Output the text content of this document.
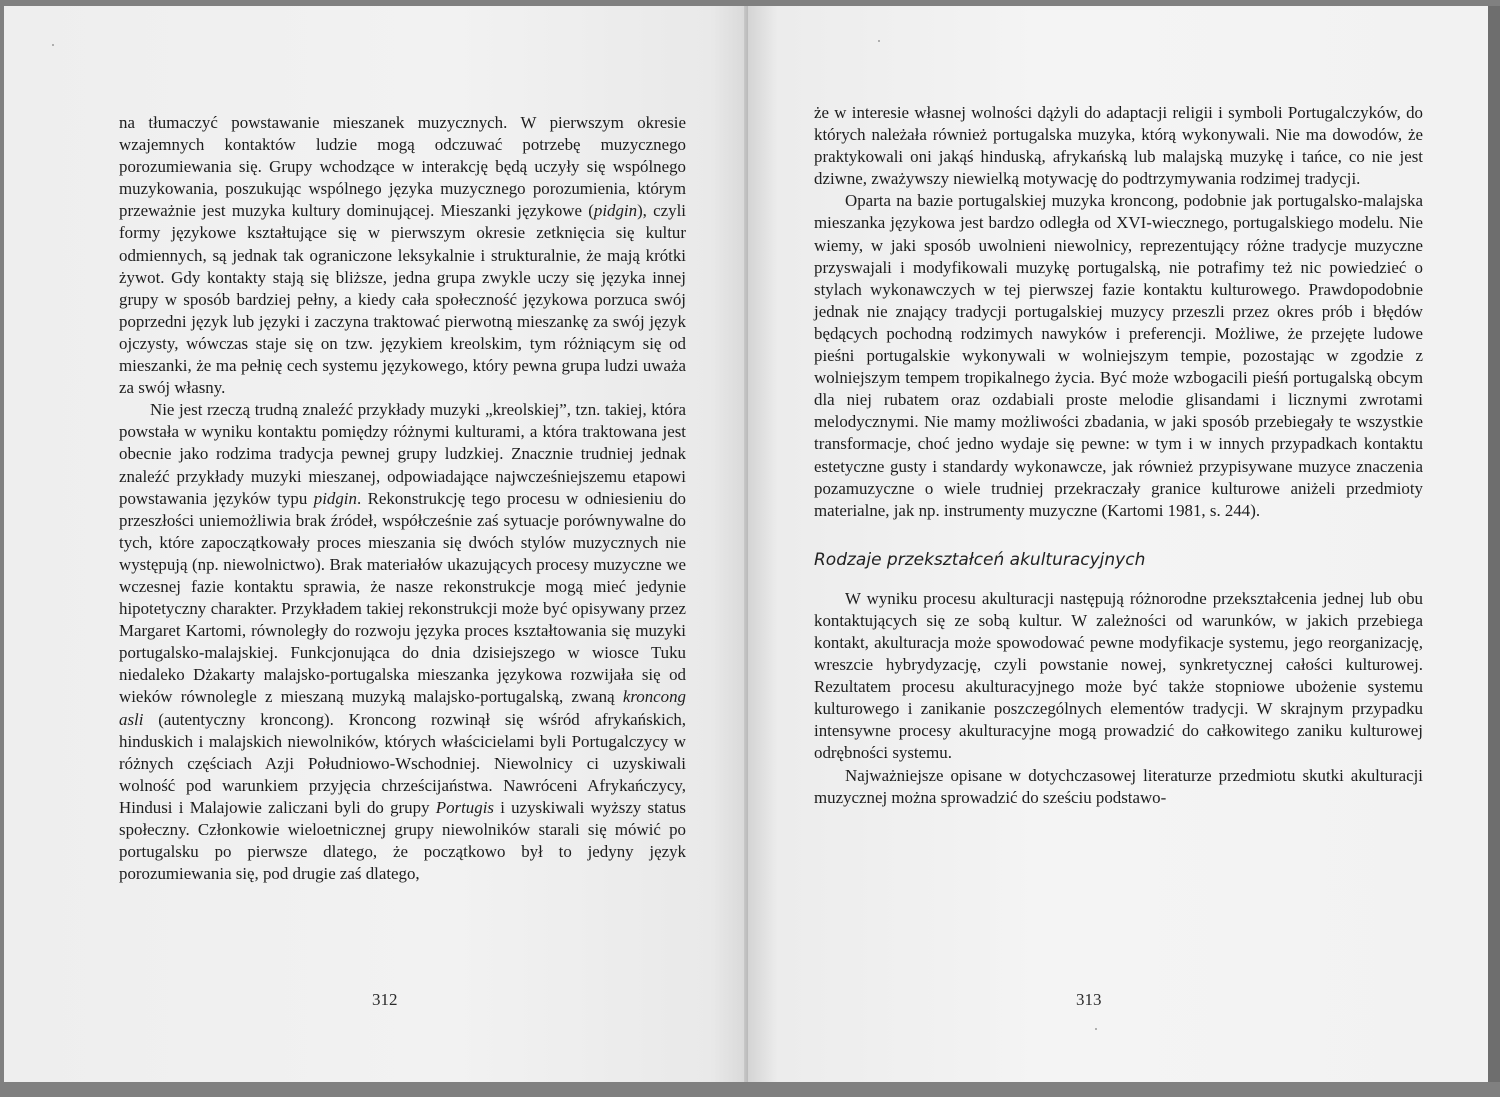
na tłumaczyć powstawanie mieszanek muzycznych. W pierwszym okresie wzajemnych kontaktów ludzie mogą odczuwać potrzebę muzycznego porozumiewania się. Grupy wchodzące w interakcję będą uczyły się wspólnego muzykowania, poszukując wspólnego języka muzycznego porozumienia, którym przeważnie jest muzyka kultury dominującej. Mieszanki językowe (pidgin), czyli formy językowe kształtujące się w pierwszym okresie zetknięcia się kultur odmiennych, są jednak tak ograniczone leksykalnie i strukturalnie, że mają krótki żywot. Gdy kontakty stają się bliższe, jedna grupa zwykle uczy się języka innej grupy w sposób bardziej pełny, a kiedy cała społeczność językowa porzuca swój poprzedni język lub języki i zaczyna traktować pierwotną mieszankę za swój język ojczysty, wówczas staje się on tzw. językiem kreolskim, tym różniącym się od mieszanki, że ma pełnię cech systemu językowego, który pewna grupa ludzi uważa za swój własny.

Nie jest rzeczą trudną znaleźć przykłady muzyki „kreolskiej”, tzn. takiej, która powstała w wyniku kontaktu pomiędzy różnymi kulturami, a która traktowana jest obecnie jako rodzima tradycja pewnej grupy ludzkiej. Znacznie trudniej jednak znaleźć przykłady muzyki mieszanej, odpowiadające najwcześniejszemu etapowi powstawania języków typu pidgin. Rekonstrukcję tego procesu w odniesieniu do przeszłości uniemożliwia brak źródeł, współcześnie zaś sytuacje porównywalne do tych, które zapoczątkowały proces mieszania się dwóch stylów muzycznych nie występują (np. niewolnictwo). Brak materiałów ukazujących procesy muzyczne we wczesnej fazie kontaktu sprawia, że nasze rekonstrukcje mogą mieć jedynie hipotetyczny charakter. Przykładem takiej rekonstrukcji może być opisywany przez Margaret Kartomi, równoległy do rozwoju języka proces kształtowania się muzyki portugalsko-malajskiej. Funkcjonująca do dnia dzisiejszego w wiosce Tuku niedaleko Dżakarty malajsko-portugalska mieszanka językowa rozwijała się od wieków równolegle z mieszaną muzyką malajsko-portugalską, zwaną kroncong asli (autentyczny kroncong). Kroncong rozwinął się wśród afrykańskich, hinduskich i malajskich niewolników, których właścicielami byli Portugalczycy w różnych częściach Azji Południowo-Wschodniej. Niewolnicy ci uzyskiwali wolność pod warunkiem przyjęcia chrześcijaństwa. Nawróceni Afrykańczycy, Hindusi i Malajowie zaliczani byli do grupy Portugis i uzyskiwali wyższy status społeczny. Członkowie wieloetnicznej grupy niewolników starali się mówić po portugalsku po pierwsze dlatego, że początkowo był to jedyny język porozumiewania się, pod drugie zaś dlatego,

312

że w interesie własnej wolności dążyli do adaptacji religii i symboli Portugalczyków, do których należała również portugalska muzyka, którą wykonywali. Nie ma dowodów, że praktykowali oni jakąś hinduską, afrykańską lub malajską muzykę i tańce, co nie jest dziwne, zważywszy niewielką motywację do podtrzymywania rodzimej tradycji.

Oparta na bazie portugalskiej muzyka kroncong, podobnie jak portugalsko-malajska mieszanka językowa jest bardzo odległa od XVI-wiecznego, portugalskiego modelu. Nie wiemy, w jaki sposób uwolnieni niewolnicy, reprezentujący różne tradycje muzyczne przyswajali i modyfikowali muzykę portugalską, nie potrafimy też nic powiedzieć o stylach wykonawczych w tej pierwszej fazie kontaktu kulturowego. Prawdopodobnie jednak nie znający tradycji portugalskiej muzycy przeszli przez okres prób i błędów będących pochodną rodzimych nawyków i preferencji. Możliwe, że przejęte ludowe pieśni portugalskie wykonywali w wolniejszym tempie, pozostając w zgodzie z wolniejszym tempem tropikalnego życia. Być może wzbogacili pieśń portugalską obcym dla niej rubatem oraz ozdabiali proste melodie glisandami i licznymi zwrotami melodycznymi. Nie mamy możliwości zbadania, w jaki sposób przebiegały te wszystkie transformacje, choć jedno wydaje się pewne: w tym i w innych przypadkach kontaktu estetyczne gusty i standardy wykonawcze, jak również przypisywane muzyce znaczenia pozamuzyczne o wiele trudniej przekraczały granice kulturowe aniżeli przedmioty materialne, jak np. instrumenty muzyczne (Kartomi 1981, s. 244).

Rodzaje przekształceń akulturacyjnych

W wyniku procesu akulturacji następują różnorodne przekształcenia jednej lub obu kontaktujących się ze sobą kultur. W zależności od warunków, w jakich przebiega kontakt, akulturacja może spowodować pewne modyfikacje systemu, jego reorganizację, wreszcie hybrydyzację, czyli powstanie nowej, synkretycznej całości kulturowej. Rezultatem procesu akulturacyjnego może być także stopniowe ubożenie systemu kulturowego i zanikanie poszczególnych elementów tradycji. W skrajnym przypadku intensywne procesy akulturacyjne mogą prowadzić do całkowitego zaniku kulturowej odrębności systemu.

Najważniejsze opisane w dotychczasowej literaturze przedmiotu skutki akulturacji muzycznej można sprowadzić do sześciu podstawo-

313
